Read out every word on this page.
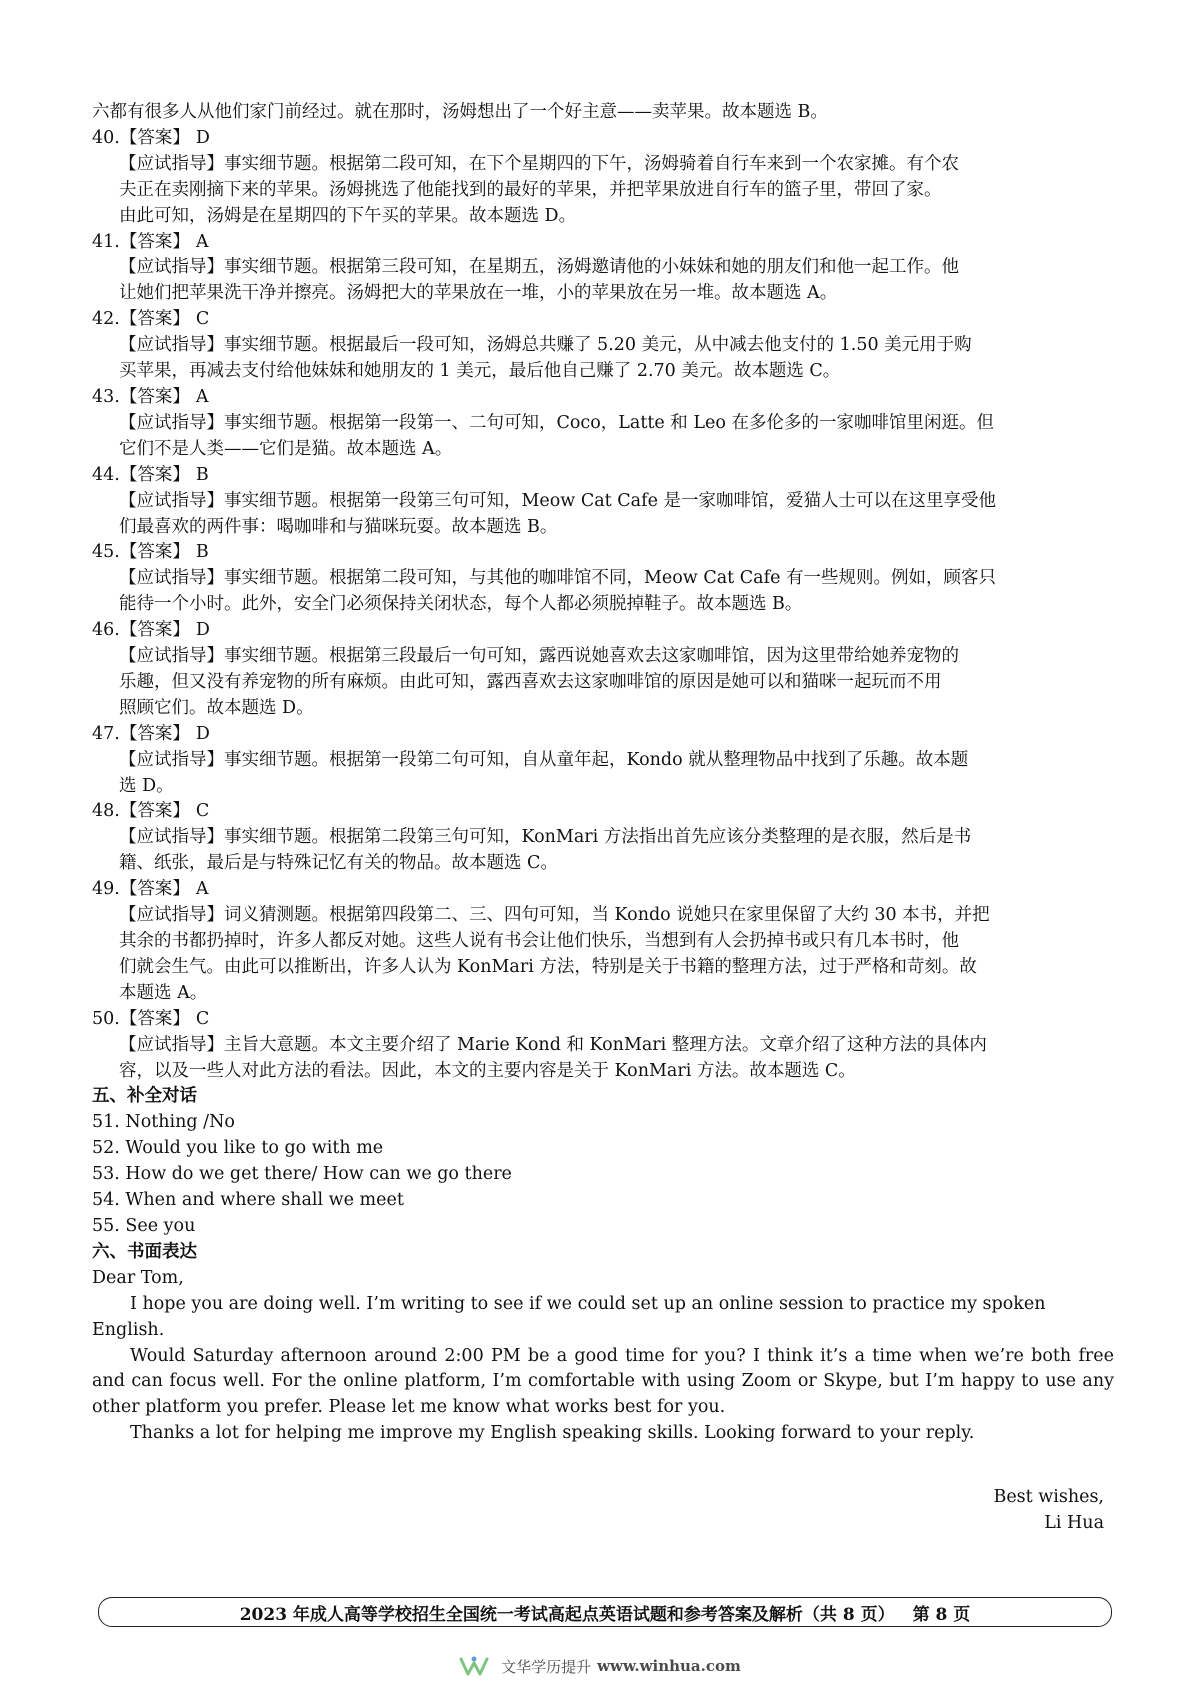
六都有很多人从他们家门前经过。就在那时，汤姆想出了一个好主意——卖苹果。故本题选 B。
40.【答案】 D
【应试指导】事实细节题。根据第二段可知，在下个星期四的下午，汤姆骑着自行车来到一个农家摊。有个农
夫正在卖刚摘下来的苹果。汤姆挑选了他能找到的最好的苹果，并把苹果放进自行车的篮子里，带回了家。
由此可知，汤姆是在星期四的下午买的苹果。故本题选 D。
41.【答案】 A
【应试指导】事实细节题。根据第三段可知，在星期五，汤姆邀请他的小妹妹和她的朋友们和他一起工作。他
让她们把苹果洗干净并擦亮。汤姆把大的苹果放在一堆，小的苹果放在另一堆。故本题选 A。
42.【答案】 C
【应试指导】事实细节题。根据最后一段可知，汤姆总共赚了 5.20 美元，从中减去他支付的 1.50 美元用于购
买苹果，再减去支付给他妹妹和她朋友的 1 美元，最后他自己赚了 2.70 美元。故本题选 C。
43.【答案】 A
【应试指导】事实细节题。根据第一段第一、二句可知，Coco，Latte 和 Leo 在多伦多的一家咖啡馆里闲逛。但
它们不是人类——它们是猫。故本题选 A。
44.【答案】 B
【应试指导】事实细节题。根据第一段第三句可知，Meow Cat Cafe 是一家咖啡馆，爱猫人士可以在这里享受他
们最喜欢的两件事：喝咖啡和与猫咪玩耍。故本题选 B。
45.【答案】 B
【应试指导】事实细节题。根据第二段可知，与其他的咖啡馆不同，Meow Cat Cafe 有一些规则。例如，顾客只
能待一个小时。此外，安全门必须保持关闭状态，每个人都必须脱掉鞋子。故本题选 B。
46.【答案】 D
【应试指导】事实细节题。根据第三段最后一句可知，露西说她喜欢去这家咖啡馆，因为这里带给她养宠物的
乐趣，但又没有养宠物的所有麻烦。由此可知，露西喜欢去这家咖啡馆的原因是她可以和猫咪一起玩而不用
照顾它们。故本题选 D。
47.【答案】 D
【应试指导】事实细节题。根据第一段第二句可知，自从童年起，Kondo 就从整理物品中找到了乐趣。故本题
选 D。
48.【答案】 C
【应试指导】事实细节题。根据第二段第三句可知，KonMari 方法指出首先应该分类整理的是衣服，然后是书
籍、纸张，最后是与特殊记忆有关的物品。故本题选 C。
49.【答案】 A
【应试指导】词义猜测题。根据第四段第二、三、四句可知，当 Kondo 说她只在家里保留了大约 30 本书，并把
其余的书都扔掉时，许多人都反对她。这些人说有书会让他们快乐，当想到有人会扔掉书或只有几本书时，他
们就会生气。由此可以推断出，许多人认为 KonMari 方法，特别是关于书籍的整理方法，过于严格和苛刻。故
本题选 A。
50.【答案】 C
【应试指导】主旨大意题。本文主要介绍了 Marie Kond 和 KonMari 整理方法。文章介绍了这种方法的具体内
容，以及一些人对此方法的看法。因此，本文的主要内容是关于 KonMari 方法。故本题选 C。
五、补全对话
51. Nothing /No
52. Would you like to go with me
53. How do we get there/ How can we go there
54. When and where shall we meet
55. See you
六、书面表达
Dear Tom,
I hope you are doing well. I’m writing to see if we could set up an online session to practice my spoken English.
Would Saturday afternoon around 2:00 PM be a good time for you? I think it’s a time when we’re both free and can focus well. For the online platform, I’m comfortable with using Zoom or Skype, but I’m happy to use any other platform you prefer. Please let me know what works best for you.
Thanks a lot for helping me improve my English speaking skills. Looking forward to your reply.
Best wishes,
Li Hua
2023 年成人高等学校招生全国统一考试高起点英语试题和参考答案及解析（共 8 页） 第 8 页
文华学历提升 www.winhua.com
